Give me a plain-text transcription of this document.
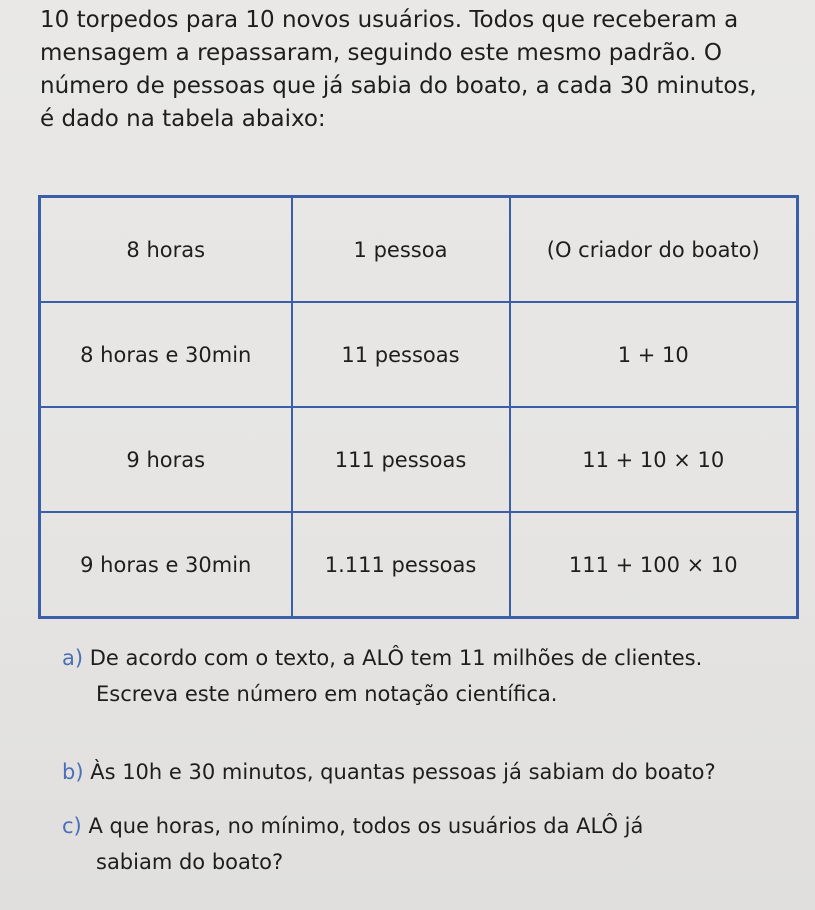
10 torpedos para 10 novos usuários. Todos que receberam a

mensagem a repassaram, seguindo este mesmo padrão. O

número de pessoas que já sabia do boato, a cada 30 minutos,

é dado na tabela abaixo:

8 horas	1 pessoa	(O criador do boato)
8 horas e 30min	11 pessoas	1 + 10
9 horas	111 pessoas	11 + 10 × 10
9 horas e 30min	1.111 pessoas	111 + 100 × 10
a) De acordo com o texto, a ALÔ tem 11 milhões de clientes.
Escreva este número em notação científica.
b) Às 10h e 30 minutos, quantas pessoas já sabiam do boato?
c) A que horas, no mínimo, todos os usuários da ALÔ já
sabiam do boato?
